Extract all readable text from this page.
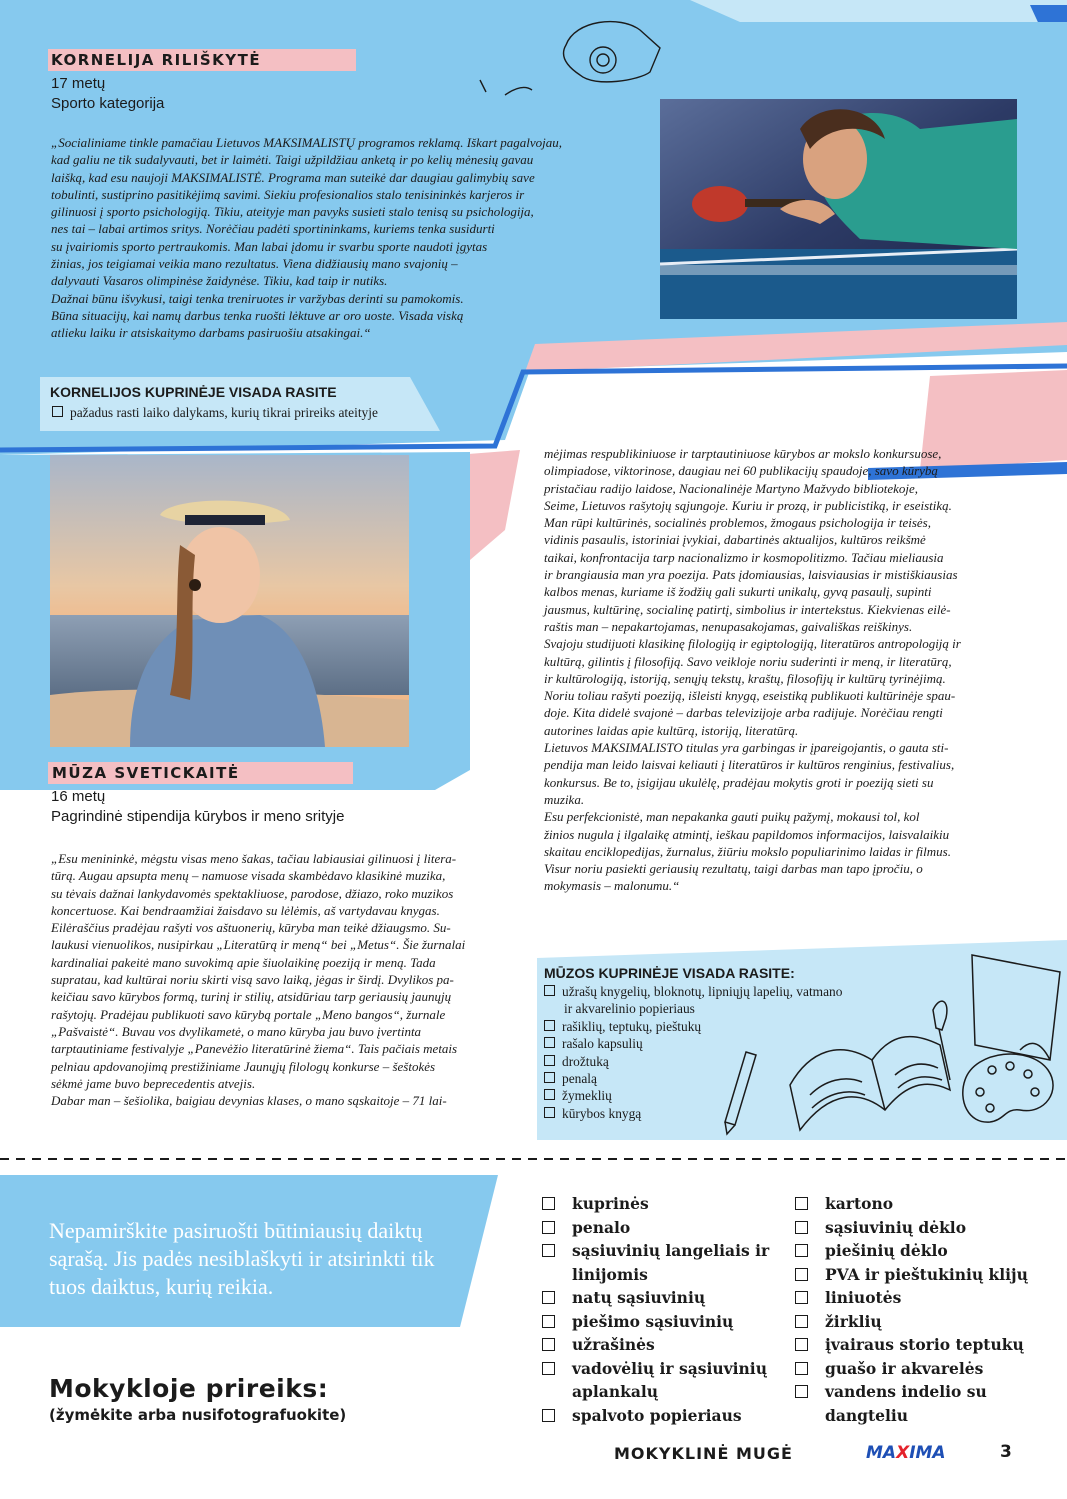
KORNELIJA RILIŠKYTĖ
17 metų
Sporto kategorija

„Socialiniame tinkle pamačiau Lietuvos MAKSIMALISTŲ programos reklamą. Iškart pagalvojau,

kad galiu ne tik sudalyvauti, bet ir laimėti. Taigi užpildžiau anketą ir po kelių mėnesių gavau

laišką, kad esu naujoji MAKSIMALISTĖ. Programa man suteikė dar daugiau galimybių save

tobulinti, sustiprino pasitikėjimą savimi. Siekiu profesionalios stalo tenisininkės karjeros ir

gilinuosi į sporto psichologiją. Tikiu, ateityje man pavyks susieti stalo tenisą su psichologija,

nes tai – labai artimos sritys. Norėčiau padėti sportininkams, kuriems tenka susidurti

su įvairiomis sporto pertraukomis. Man labai įdomu ir svarbu sporte naudoti įgytas

žinias, jos teigiamai veikia mano rezultatus. Viena didžiausių mano svajonių –

dalyvauti Vasaros olimpinėse žaidynėse. Tikiu, kad taip ir nutiks.

Dažnai būnu išvykusi, taigi tenka treniruotes ir varžybas derinti su pamokomis.

Būna situacijų, kai namų darbus tenka ruošti lėktuve ar oro uoste. Visada viską

atlieku laiku ir atsiskaitymo darbams pasiruošiu atsakingai.“

KORNELIJOS KUPRINĖJE VISADA RASITE
pažadus rasti laiko dalykams, kurių tikrai prireiks ateityje
MŪZA SVETICKAITĖ
16 metų
Pagrindinė stipendija kūrybos ir meno srityje

„Esu menininkė, mėgstu visas meno šakas, tačiau labiausiai gilinuosi į litera-

tūrą. Augau apsupta menų – namuose visada skambėdavo klasikinė muzika,

su tėvais dažnai lankydavomės spektakliuose, parodose, džiazo, roko muzikos

koncertuose. Kai bendraamžiai žaisdavo su lėlėmis, aš vartydavau knygas.

Eilėraščius pradėjau rašyti vos aštuonerių, kūryba man teikė džiaugsmo. Su-

laukusi vienuolikos, nusipirkau „Literatūrą ir meną“ bei „Metus“. Šie žurnalai

kardinaliai pakeitė mano suvokimą apie šiuolaikinę poeziją ir meną. Tada

supratau, kad kultūrai noriu skirti visą savo laiką, jėgas ir širdį. Dvylikos pa-

keičiau savo kūrybos formą, turinį ir stilių, atsidūriau tarp geriausių jaunųjų

rašytojų. Pradėjau publikuoti savo kūrybą portale „Meno bangos“, žurnale

„Pašvaistė“. Buvau vos dvylikametė, o mano kūryba jau buvo įvertinta

tarptautiniame festivalyje „Panevėžio literatūrinė žiema“. Tais pačiais metais

pelniau apdovanojimą prestižiniame Jaunųjų filologų konkurse – šeštokės

sėkmė jame buvo beprecedentis atvejis.

Dabar man – šešiolika, baigiau devynias klases, o mano sąskaitoje – 71 lai-

mėjimas respublikiniuose ir tarptautiniuose kūrybos ar mokslo konkursuose,

olimpiadose, viktorinose, daugiau nei 60 publikacijų spaudoje, savo kūrybą

pristačiau radijo laidose, Nacionalinėje Martyno Mažvydo bibliotekoje,

Seime, Lietuvos rašytojų sąjungoje. Kuriu ir prozą, ir publicistiką, ir eseistiką.

Man rūpi kultūrinės, socialinės problemos, žmogaus psichologija ir teisės,

vidinis pasaulis, istoriniai įvykiai, dabartinės aktualijos, kultūros reikšmė

taikai, konfrontacija tarp nacionalizmo ir kosmopolitizmo. Tačiau mieliausia

ir brangiausia man yra poezija. Pats įdomiausias, laisviausias ir mistiškiausias

kalbos menas, kuriame iš žodžių gali sukurti unikalų, gyvą pasaulį, supinti

jausmus, kultūrinę, socialinę patirtį, simbolius ir intertekstus. Kiekvienas eilė-

raštis man – nepakartojamas, nenupasakojamas, gaivališkas reiškinys.

Svajoju studijuoti klasikinę filologiją ir egiptologiją, literatūros antropologiją ir

kultūrą, gilintis į filosofiją. Savo veikloje noriu suderinti ir meną, ir literatūrą,

ir kultūrologiją, istoriją, senųjų tekstų, kraštų, filosofijų ir kultūrų tyrinėjimą.

Noriu toliau rašyti poeziją, išleisti knygą, eseistiką publikuoti kultūrinėje spau-

doje. Kita didelė svajonė – darbas televizijoje arba radijuje. Norėčiau rengti

autorines laidas apie kultūrą, istoriją, literatūrą.

Lietuvos MAKSIMALISTO titulas yra garbingas ir įpareigojantis, o gauta sti-

pendija man leido laisvai keliauti į literatūros ir kultūros renginius, festivalius,

konkursus. Be to, įsigijau ukulėlę, pradėjau mokytis groti ir poeziją sieti su

muzika.

Esu perfekcionistė, man nepakanka gauti puikų pažymį, mokausi tol, kol

žinios nugula į ilgalaikę atmintį, ieškau papildomos informacijos, laisvalaikiu

skaitau enciklopedijas, žurnalus, žiūriu mokslo populiarinimo laidas ir filmus.

Visur noriu pasiekti geriausių rezultatų, taigi darbas man tapo įpročiu, o

mokymasis – malonumu.“

MŪZOS KUPRINĖJE VISADA RASITE:
užrašų knygelių, bloknotų, lipniųjų lapelių, vatmano
ir akvarelinio popieriaus
rašiklių, teptukų, pieštukų
rašalo kapsulių
drožtuką
penalą
žymeklių
kūrybos knygą
Nepamirškite pasiruošti būtiniausių daiktų sąrašą. Jis padės nesiblaškyti ir atsirinkti tik tuos daiktus, kurių reikia.
Mokykloje prireiks:
(žymėkite arba nusifotografuokite)
kuprinės
penalo
sąsiuvinių langeliais ir linijomis
natų sąsiuvinių
piešimo sąsiuvinių
užrašinės
vadovėlių ir sąsiuvinių aplankalų
spalvoto popieriaus
kartono
sąsiuvinių dėklo
piešinių dėklo
PVA ir pieštukinių klijų
liniuotės
žirklių
įvairaus storio teptukų
guašo ir akvarelės
vandens indelio su dangteliu
MOKYKLINĖ MUGĖ	MAXIMA	3
